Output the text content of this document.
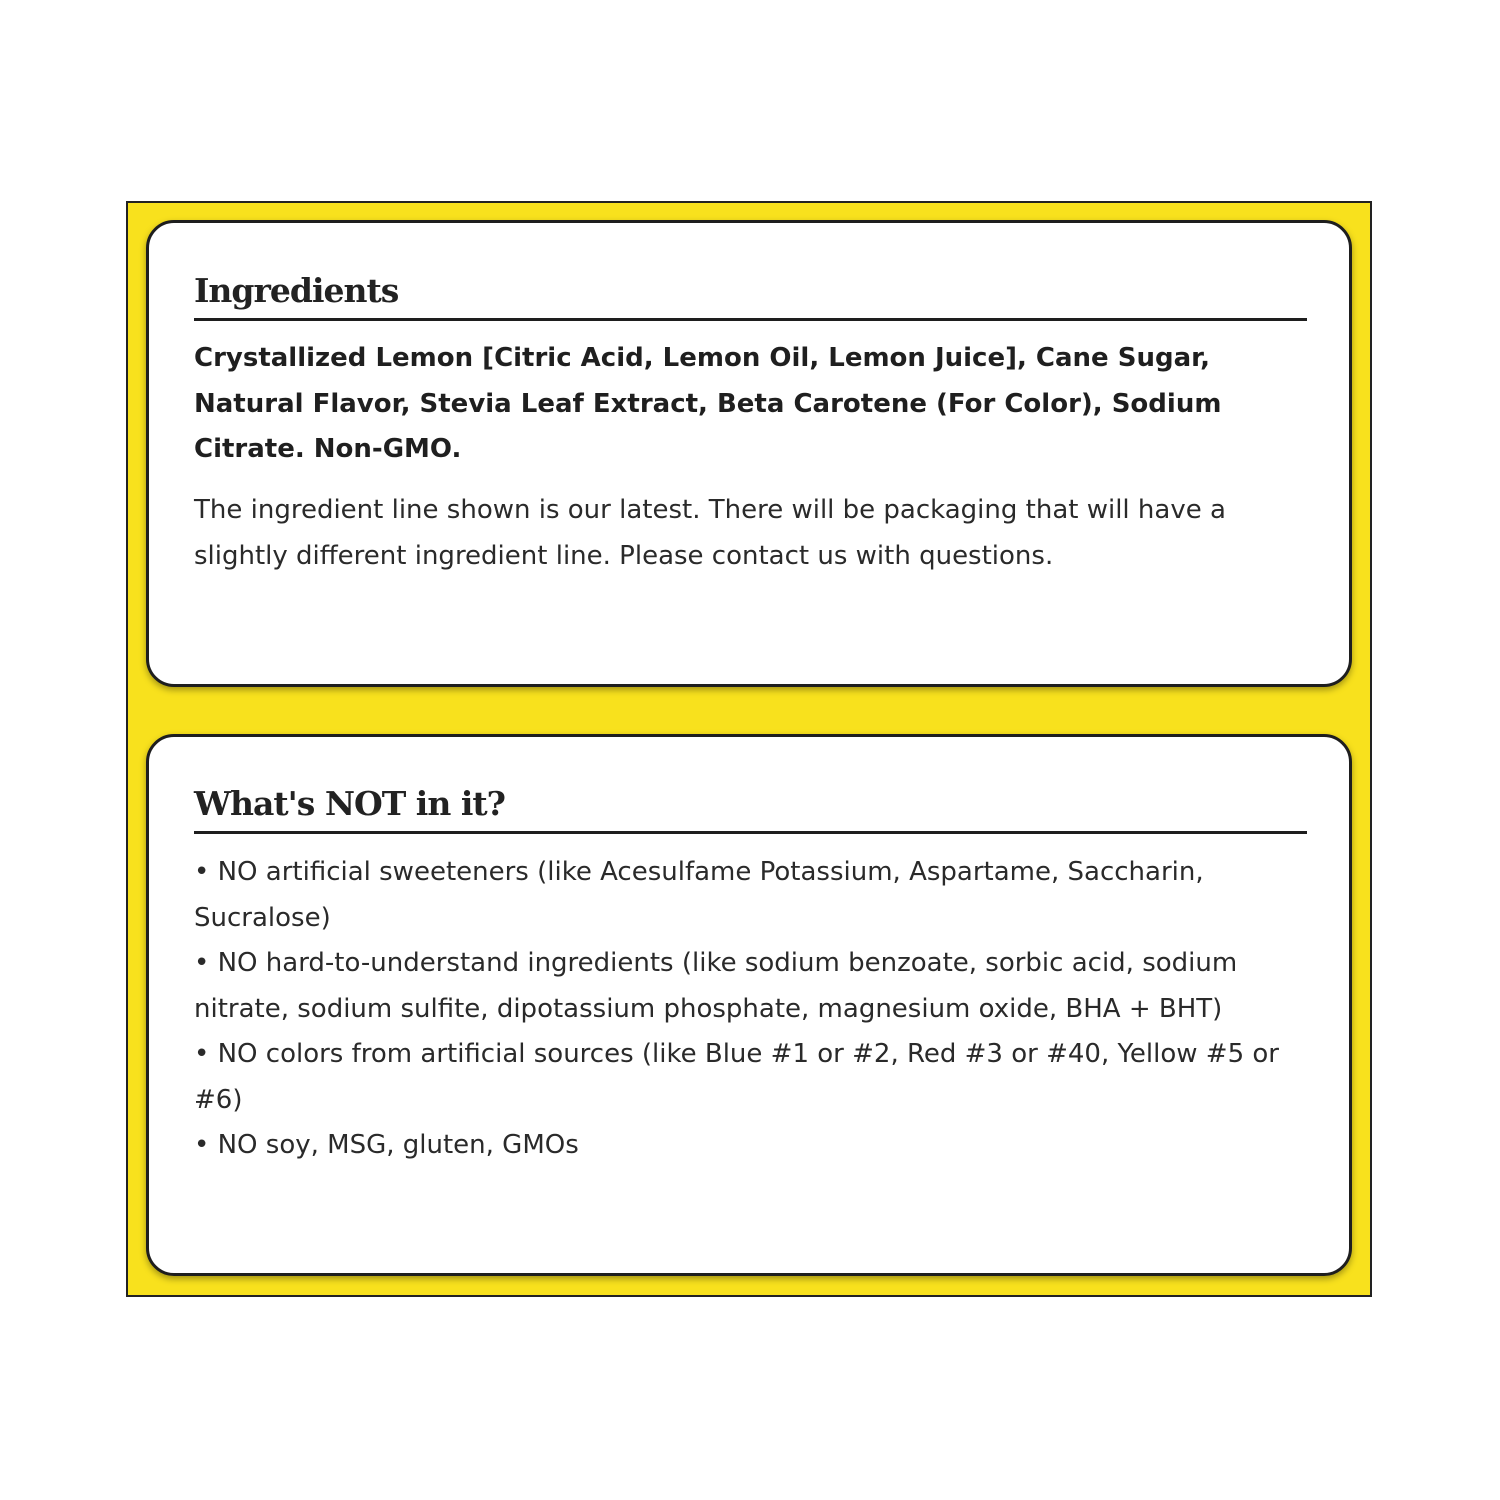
Ingredients

Crystallized Lemon [Citric Acid, Lemon Oil, Lemon Juice], Cane Sugar, Natural Flavor, Stevia Leaf Extract, Beta Carotene (For Color), Sodium Citrate. Non-GMO.

The ingredient line shown is our latest. There will be packaging that will have a slightly different ingredient line. Please contact us with questions.

What's NOT in it?
• NO artificial sweeteners (like Acesulfame Potassium, Aspartame, Saccharin, Sucralose)
• NO hard-to-understand ingredients (like sodium benzoate, sorbic acid, sodium nitrate, sodium sulfite, dipotassium phosphate, magnesium oxide, BHA + BHT)
• NO colors from artificial sources (like Blue #1 or #2, Red #3 or #40, Yellow #5 or #6)
• NO soy, MSG, gluten, GMOs
